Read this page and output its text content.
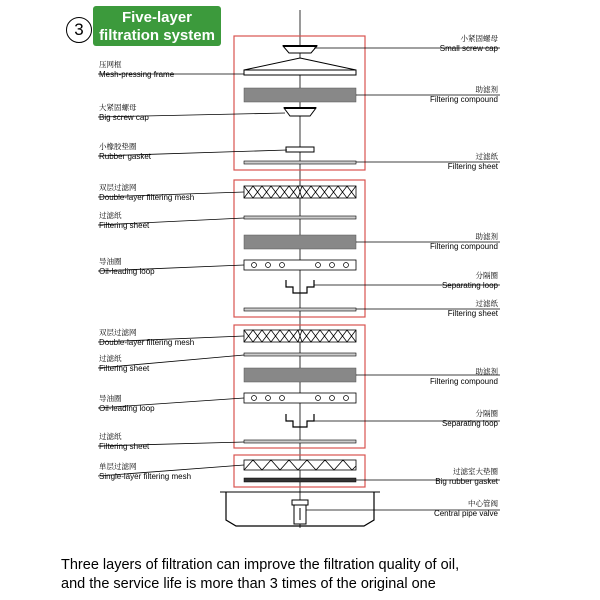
3
Five-layer
filtration system
压网框
Mesh-pressing frame
大紧固螺母
Big screw cap
小橡胶垫圈
Rubber gasket
双层过滤网
Double-layer filtering mesh
过滤纸
Filtering sheet
导油圈
Oil-leading loop
双层过滤网
Double-layer filtering mesh
过滤纸
Filtering sheet
导油圈
Oil-leading loop
过滤纸
Filtering sheet
单层过滤网
Single-layer filtering mesh
小紧固螺母
Small screw cap
助滤剂
Filtering compound
过滤纸
Filtering sheet
助滤剂
Filtering compound
分隔圈
Separating loop
过滤纸
Filtering sheet
助滤剂
Filtering compound
分隔圈
Separating loop
过滤室大垫圈
Big rubber gasket
中心管阀
Central pipe valve
Three layers of filtration can improve the filtration quality of oil,
and the service life is more than 3 times of the original one
